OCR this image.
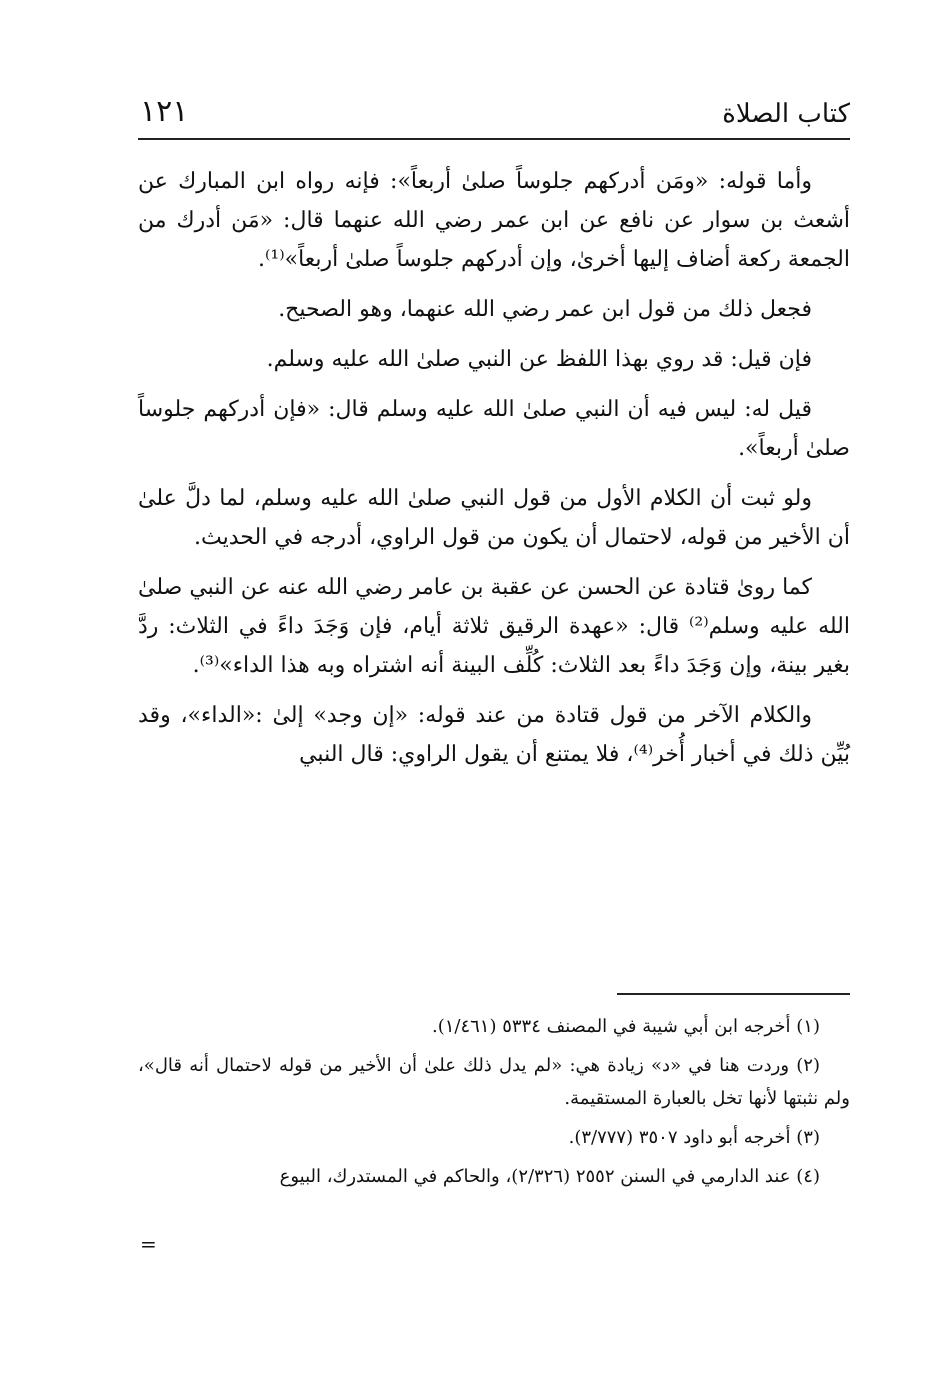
كتاب الصلاة
١٢١

وأما قوله: «ومَن أدركهم جلوساً صلىٰ أربعاً»: فإنه رواه ابن المبارك عن أشعث بن سوار عن نافع عن ابن عمر رضي الله عنهما قال: «مَن أدرك من الجمعة ركعة أضاف إليها أخرىٰ، وإن أدركهم جلوساً صلىٰ أربعاً»⁽¹⁾.

فجعل ذلك من قول ابن عمر رضي الله عنهما، وهو الصحيح.

فإن قيل: قد روي بهذا اللفظ عن النبي صلىٰ الله عليه وسلم.

قيل له: ليس فيه أن النبي صلىٰ الله عليه وسلم قال: «فإن أدركهم جلوساً صلىٰ أربعاً».

ولو ثبت أن الكلام الأول من قول النبي صلىٰ الله عليه وسلم، لما دلَّ علىٰ أن الأخير من قوله، لاحتمال أن يكون من قول الراوي، أدرجه في الحديث.

كما روىٰ قتادة عن الحسن عن عقبة بن عامر رضي الله عنه عن النبي صلىٰ الله عليه وسلم⁽²⁾ قال: «عهدة الرقيق ثلاثة أيام، فإن وَجَدَ داءً في الثلاث: ردَّ بغير بينة، وإن وَجَدَ داءً بعد الثلاث: كُلِّف البينة أنه اشتراه وبه هذا الداء»⁽³⁾.

والكلام الآخر من قول قتادة من عند قوله: «إن وجد» إلىٰ :«الداء»، وقد بُيِّن ذلك في أخبار أُخر⁽⁴⁾، فلا يمتنع أن يقول الراوي: قال النبي

(١) أخرجه ابن أبي شيبة في المصنف ٥٣٣٤ (١/٤٦١).

(٢) وردت هنا في «د» زيادة هي: «لم يدل ذلك علىٰ أن الأخير من قوله لاحتمال أنه قال»، ولم نثبتها لأنها تخل بالعبارة المستقيمة.

(٣) أخرجه أبو داود ٣٥٠٧ (٣/٧٧٧).

(٤) عند الدارمي في السنن ٢٥٥٢ (٢/٣٢٦)، والحاكم في المستدرك، البيوع

=
